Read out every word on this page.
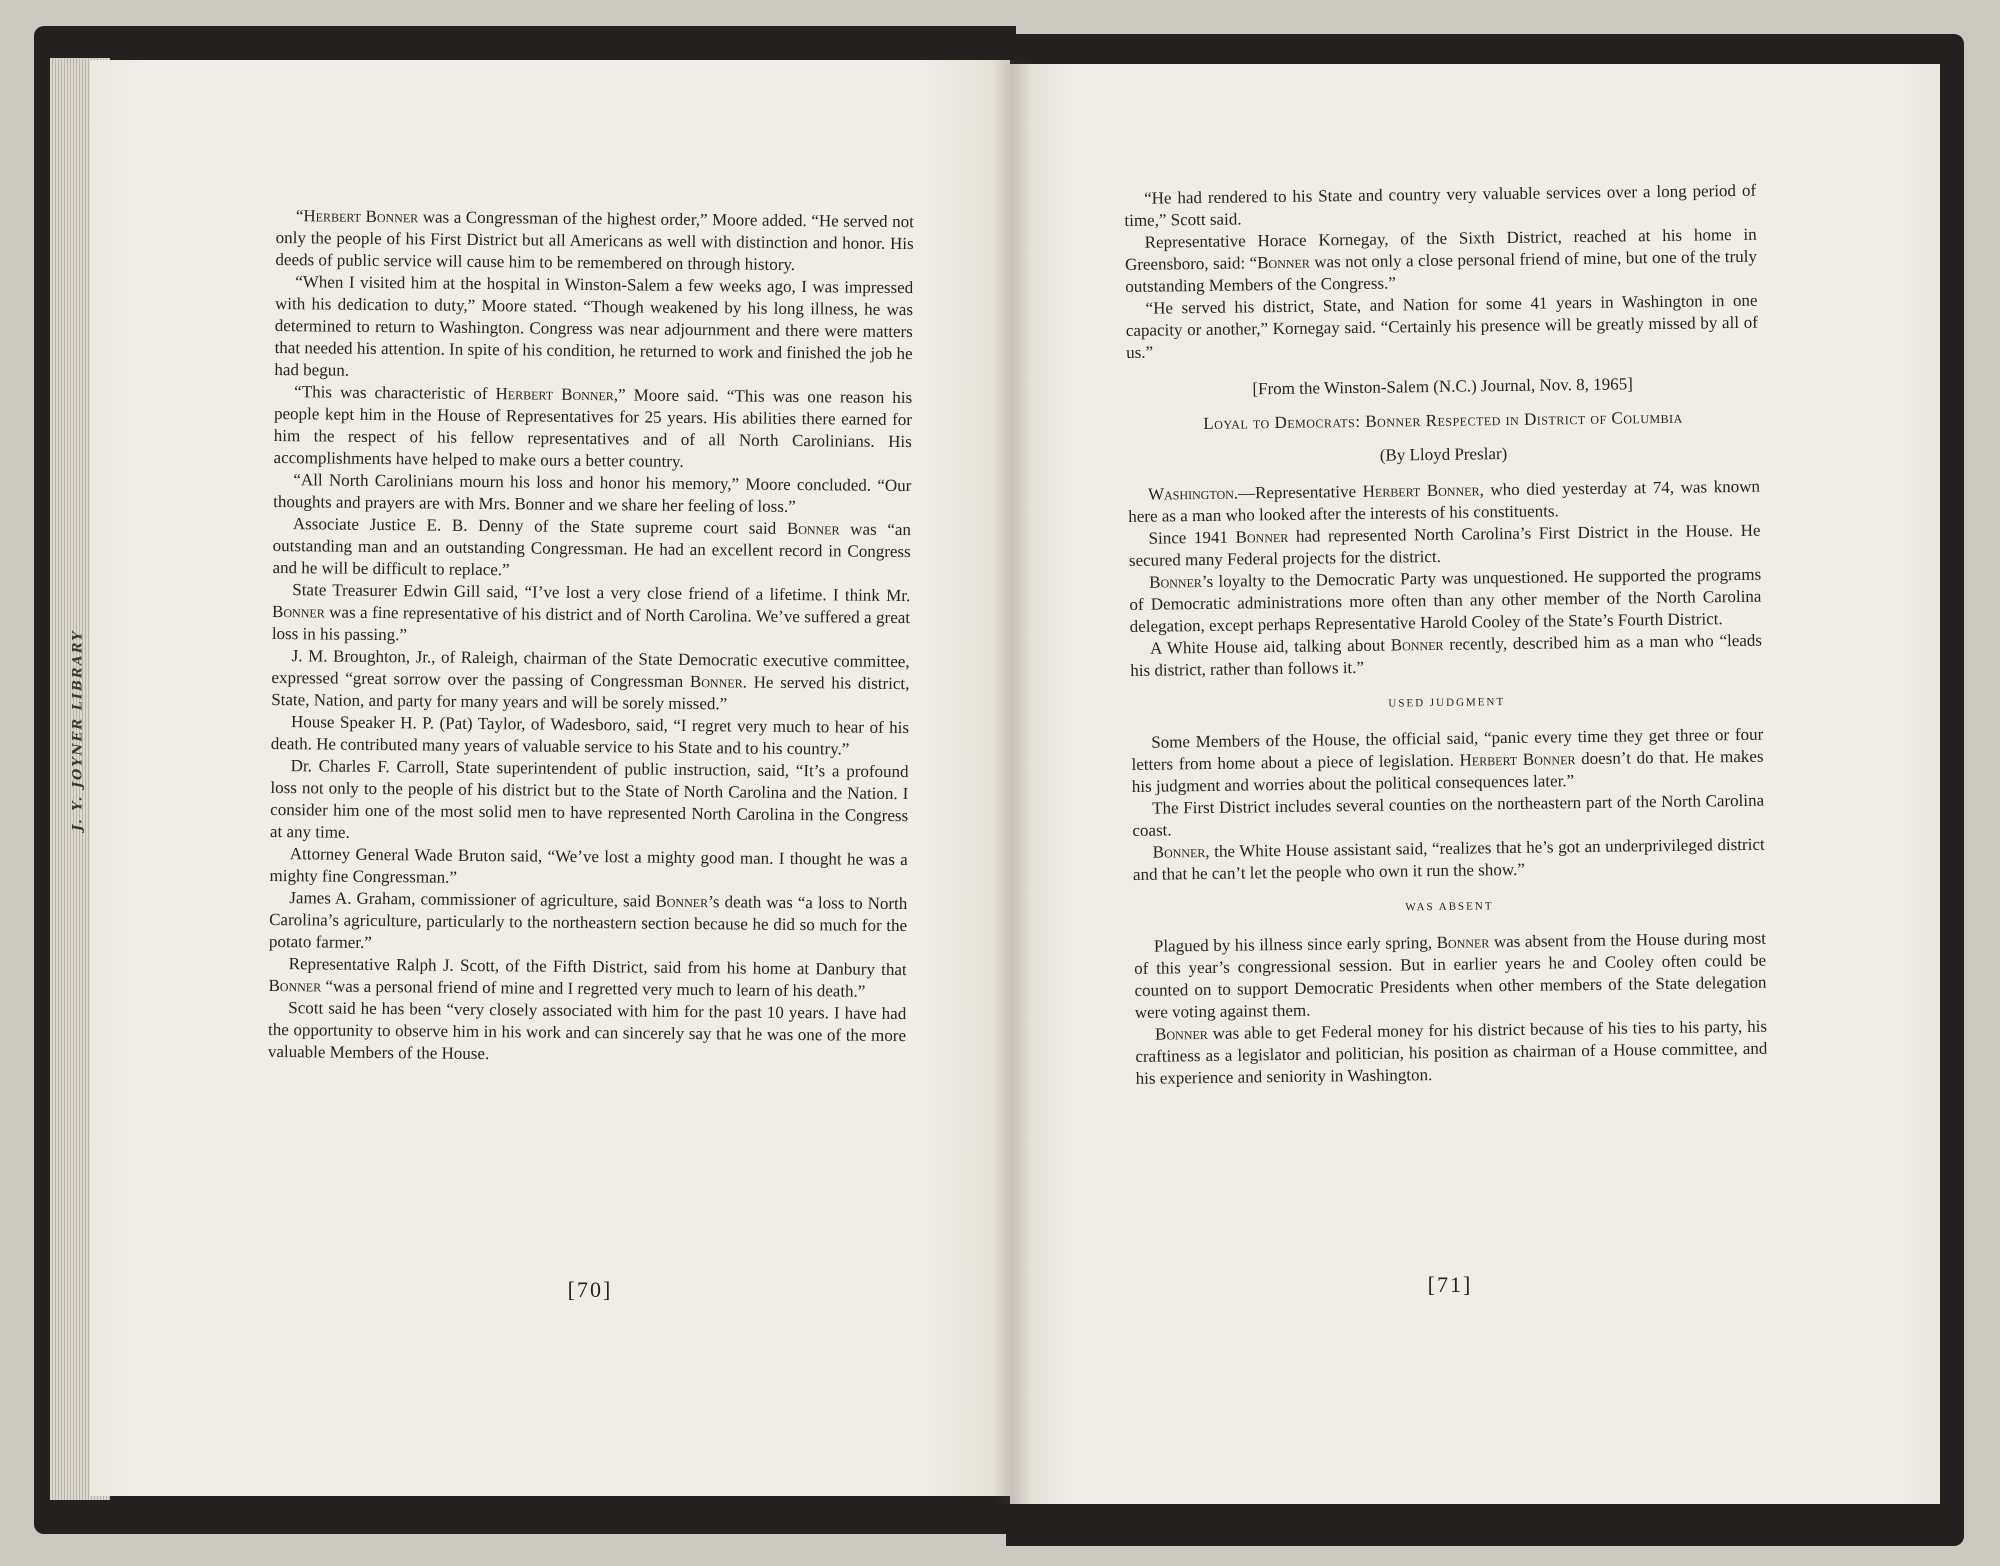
J. Y. JOYNER LIBRARY

“Herbert Bonner was a Congressman of the highest order,” Moore added. “He served not only the people of his First District but all Americans as well with distinction and honor. His deeds of public service will cause him to be remembered on through history.

“When I visited him at the hospital in Winston-Salem a few weeks ago, I was impressed with his dedication to duty,” Moore stated. “Though weakened by his long illness, he was determined to return to Washington. Congress was near adjournment and there were matters that needed his attention. In spite of his condition, he returned to work and finished the job he had begun.

“This was characteristic of Herbert Bonner,” Moore said. “This was one reason his people kept him in the House of Representatives for 25 years. His abilities there earned for him the respect of his fellow representatives and of all North Carolinians. His accomplishments have helped to make ours a better country.

“All North Carolinians mourn his loss and honor his memory,” Moore concluded. “Our thoughts and prayers are with Mrs. Bonner and we share her feeling of loss.”

Associate Justice E. B. Denny of the State supreme court said Bonner was “an outstanding man and an outstanding Congressman. He had an excellent record in Congress and he will be difficult to replace.”

State Treasurer Edwin Gill said, “I’ve lost a very close friend of a lifetime. I think Mr. Bonner was a fine representative of his district and of North Carolina. We’ve suffered a great loss in his passing.”

J. M. Broughton, Jr., of Raleigh, chairman of the State Democratic executive committee, expressed “great sorrow over the passing of Congressman Bonner. He served his district, State, Nation, and party for many years and will be sorely missed.”

House Speaker H. P. (Pat) Taylor, of Wadesboro, said, “I regret very much to hear of his death. He contributed many years of valuable service to his State and to his country.”

Dr. Charles F. Carroll, State superintendent of public instruction, said, “It’s a profound loss not only to the people of his district but to the State of North Carolina and the Nation. I consider him one of the most solid men to have represented North Carolina in the Congress at any time.

Attorney General Wade Bruton said, “We’ve lost a mighty good man. I thought he was a mighty fine Congressman.”

James A. Graham, commissioner of agriculture, said Bonner’s death was “a loss to North Carolina’s agriculture, particularly to the northeastern section because he did so much for the potato farmer.”

Representative Ralph J. Scott, of the Fifth District, said from his home at Danbury that Bonner “was a personal friend of mine and I regretted very much to learn of his death.”

Scott said he has been “very closely associated with him for the past 10 years. I have had the opportunity to observe him in his work and can sincerely say that he was one of the more valuable Members of the House.

[70]

“He had rendered to his State and country very valuable services over a long period of time,” Scott said.

Representative Horace Kornegay, of the Sixth District, reached at his home in Greensboro, said: “Bonner was not only a close personal friend of mine, but one of the truly outstanding Members of the Congress.”

“He served his district, State, and Nation for some 41 years in Washington in one capacity or another,” Kornegay said. “Certainly his presence will be greatly missed by all of us.”

[From the Winston-Salem (N.C.) Journal, Nov. 8, 1965]

Loyal to Democrats: Bonner Respected in District of Columbia

(By Lloyd Preslar)

Washington.—Representative Herbert Bonner, who died yesterday at 74, was known here as a man who looked after the interests of his constituents.

Since 1941 Bonner had represented North Carolina’s First District in the House. He secured many Federal projects for the district.

Bonner’s loyalty to the Democratic Party was unquestioned. He supported the programs of Democratic administrations more often than any other member of the North Carolina delegation, except perhaps Representative Harold Cooley of the State’s Fourth District.

A White House aid, talking about Bonner recently, described him as a man who “leads his district, rather than follows it.”

USED JUDGMENT

Some Members of the House, the official said, “panic every time they get three or four letters from home about a piece of legislation. Herbert Bonner doesn’t do that. He makes his judgment and worries about the political consequences later.”

The First District includes several counties on the northeastern part of the North Carolina coast.

Bonner, the White House assistant said, “realizes that he’s got an underprivileged district and that he can’t let the people who own it run the show.”

WAS ABSENT

Plagued by his illness since early spring, Bonner was absent from the House during most of this year’s congressional session. But in earlier years he and Cooley often could be counted on to support Democratic Presidents when other members of the State delegation were voting against them.

Bonner was able to get Federal money for his district because of his ties to his party, his craftiness as a legislator and politician, his position as chairman of a House committee, and his experience and seniority in Washington.

[71]
